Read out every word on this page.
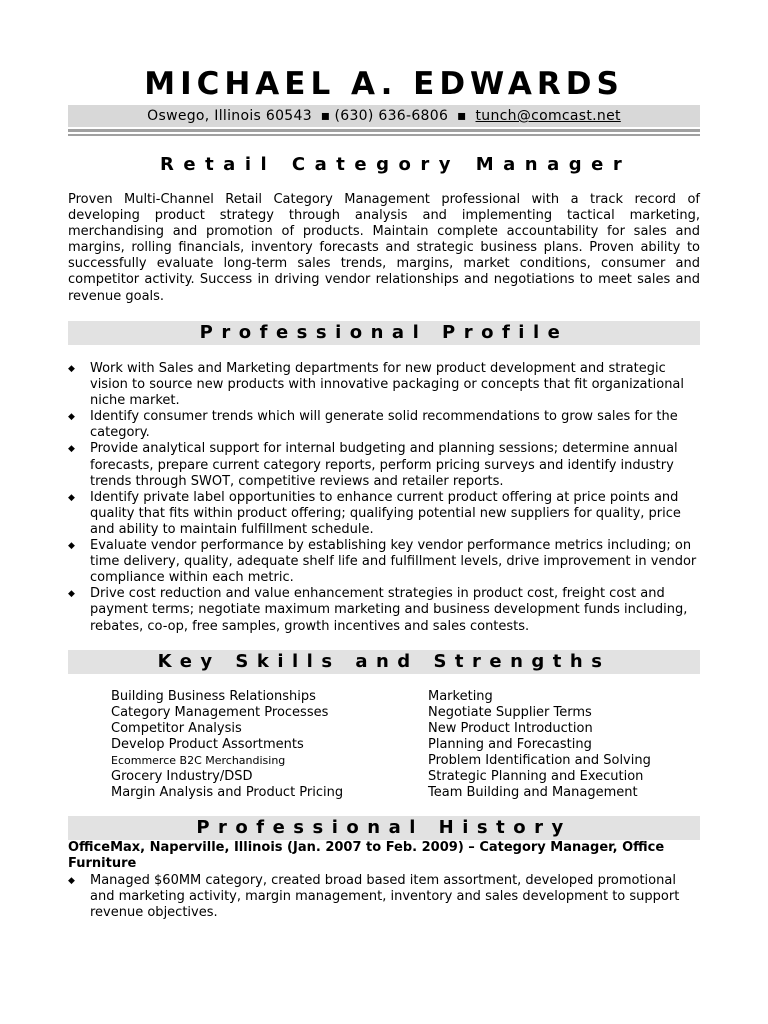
MICHAEL A. EDWARDS
Oswego, Illinois 60543 ▪ (630) 636-6806 ▪ tunch@comcast.net
Retail Category Manager
Proven Multi-Channel Retail Category Management professional with a track record of developing product strategy through analysis and implementing tactical marketing, merchandising and promotion of products. Maintain complete accountability for sales and margins, rolling financials, inventory forecasts and strategic business plans. Proven ability to successfully evaluate long-term sales trends, margins, market conditions, consumer and competitor activity. Success in driving vendor relationships and negotiations to meet sales and revenue goals.
Professional Profile
◆ Work with Sales and Marketing departments for new product development and strategic vision to source new products with innovative packaging or concepts that fit organizational niche market.
◆ Identify consumer trends which will generate solid recommendations to grow sales for the category.
◆ Provide analytical support for internal budgeting and planning sessions; determine annual forecasts, prepare current category reports, perform pricing surveys and identify industry trends through SWOT, competitive reviews and retailer reports.
◆ Identify private label opportunities to enhance current product offering at price points and quality that fits within product offering; qualifying potential new suppliers for quality, price and ability to maintain fulfillment schedule.
◆ Evaluate vendor performance by establishing key vendor performance metrics including; on time delivery, quality, adequate shelf life and fulfillment levels, drive improvement in vendor compliance within each metric.
◆ Drive cost reduction and value enhancement strategies in product cost, freight cost and payment terms; negotiate maximum marketing and business development funds including, rebates, co-op, free samples, growth incentives and sales contests.
Key Skills and Strengths
Building Business Relationships
Category Management Processes
Competitor Analysis
Develop Product Assortments
Ecommerce B2C Merchandising
Grocery Industry/DSD
Margin Analysis and Product Pricing
Marketing
Negotiate Supplier Terms
New Product Introduction
Planning and Forecasting
Problem Identification and Solving
Strategic Planning and Execution
Team Building and Management
Professional History
OfficeMax, Naperville, Illinois (Jan. 2007 to Feb. 2009) – Category Manager, Office Furniture
◆ Managed $60MM category, created broad based item assortment, developed promotional and marketing activity, margin management, inventory and sales development to support revenue objectives.
